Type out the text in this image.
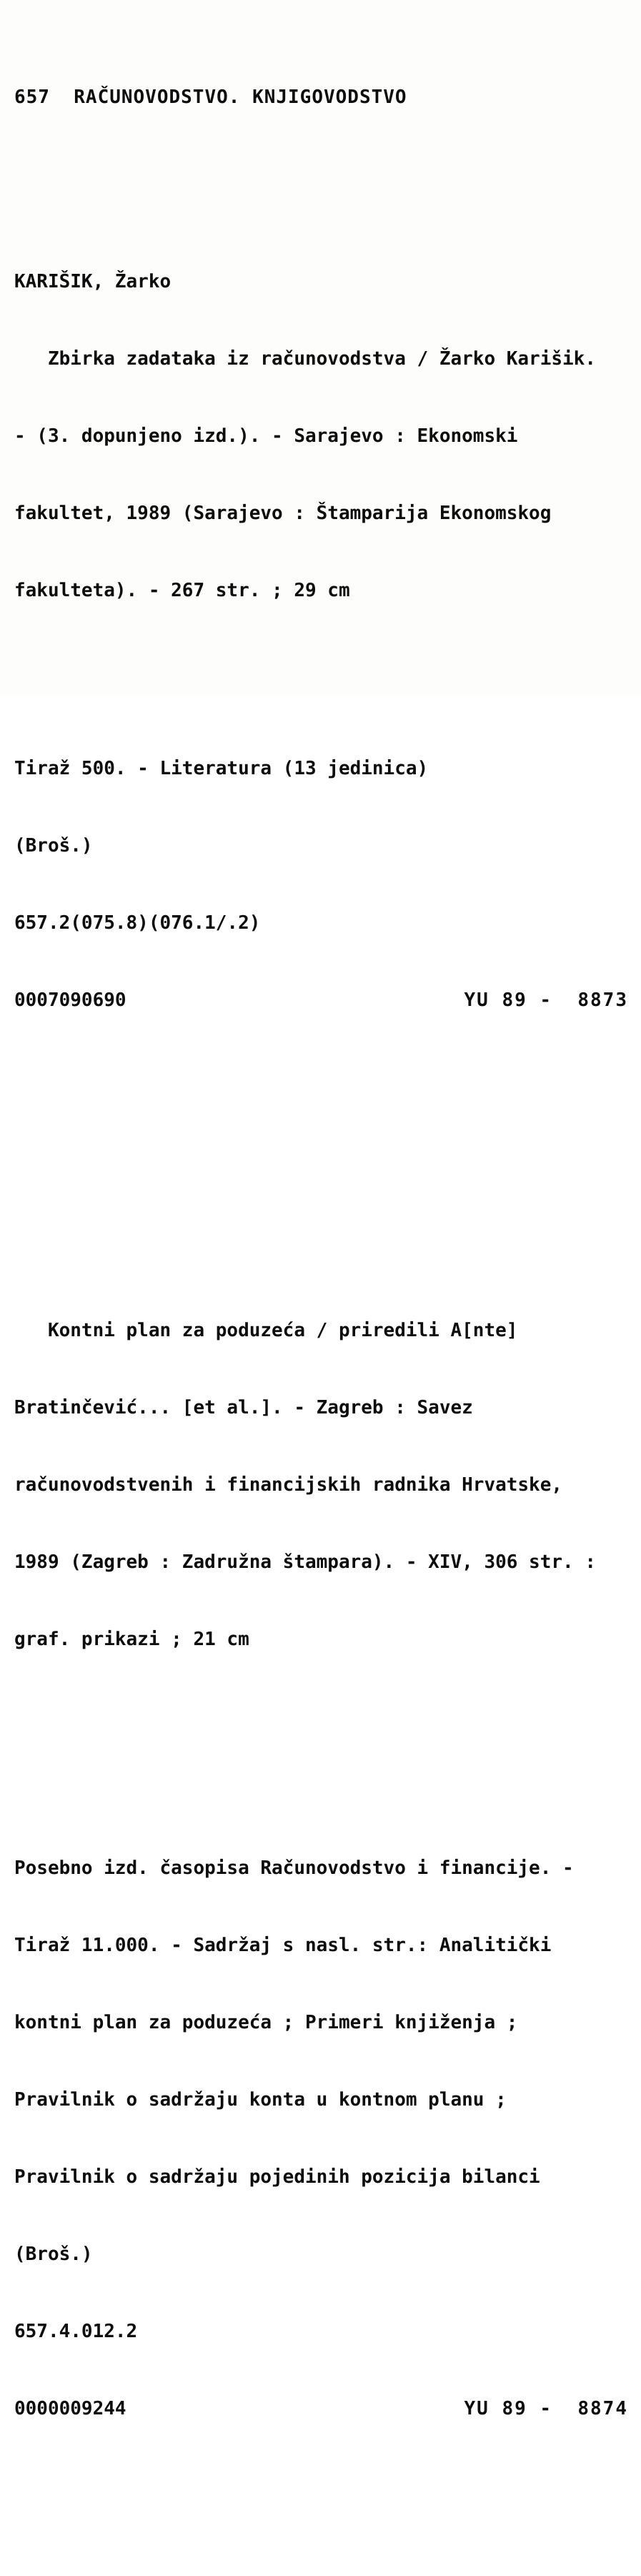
657  RAČUNOVODSTVO. KNJIGOVODSTVO

KARIŠIK, Žarko

Zbirka zadataka iz računovodstva / Žarko Karišik.

- (3. dopunjeno izd.). - Sarajevo : Ekonomski

fakultet, 1989 (Sarajevo : Štamparija Ekonomskog

fakulteta). - 267 str. ; 29 cm

Tiraž 500. - Literatura (13 jedinica)

(Broš.)

657.2(075.8)(076.1/.2)

0007090690	YU 89 -  8873

Kontni plan za poduzeća / priredili A[nte]

Bratinčević... [et al.]. - Zagreb : Savez

računovodstvenih i financijskih radnika Hrvatske,

1989 (Zagreb : Zadružna štampara). - XIV, 306 str. :

graf. prikazi ; 21 cm

Posebno izd. časopisa Računovodstvo i financije. -

Tiraž 11.000. - Sadržaj s nasl. str.: Analitički

kontni plan za poduzeća ; Primeri knjiženja ;

Pravilnik o sadržaju konta u kontnom planu ;

Pravilnik o sadržaju pojedinih pozicija bilanci

(Broš.)

657.4.012.2

0000009244	YU 89 -  8874
